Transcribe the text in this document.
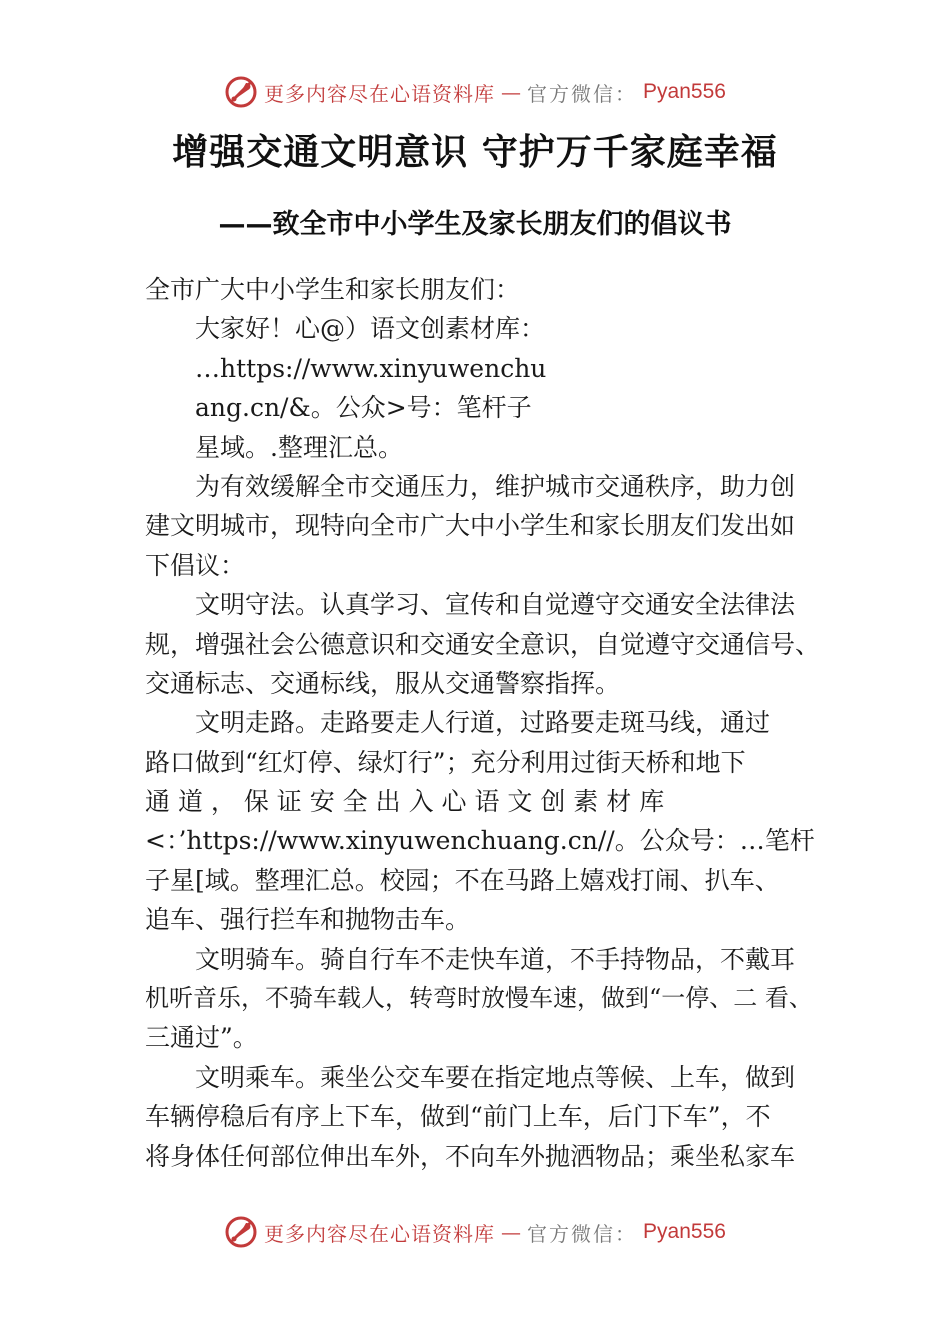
更多内容尽在心语资料库 — 官方微信： Pyan556
增强交通文明意识 守护万千家庭幸福
——致全市中小学生及家长朋友们的倡议书
全市广大中小学生和家长朋友们：
大家好！心@）语文创素材库：
…https://www.xinyuwenchu
ang.cn/&。公众>号：笔杆子
星域。.整理汇总。
为有效缓解全市交通压力，维护城市交通秩序，助力创
建文明城市，现特向全市广大中小学生和家长朋友们发出如
下倡议：
文明守法。认真学习、宣传和自觉遵守交通安全法律法
规，增强社会公德意识和交通安全意识，自觉遵守交通信号、
交通标志、交通标线，服从交通警察指挥。
文明走路。走路要走人行道，过路要走斑马线，通过
路口做到“红灯停、绿灯行”；充分利用过街天桥和地下
通 道 ， 保 证 安 全 出 入 心 语 文 创 素 材 库
<：’https://www.xinyuwenchuang.cn//。公众号：…笔杆
子星[域。整理汇总。校园；不在马路上嬉戏打闹、扒车、
追车、强行拦车和抛物击车。
文明骑车。骑自行车不走快车道，不手持物品，不戴耳
机听音乐，不骑车载人，转弯时放慢车速，做到“一停、二 看、
三通过”。
文明乘车。乘坐公交车要在指定地点等候、上车，做到
车辆停稳后有序上下车，做到“前门上车，后门下车”，不
将身体任何部位伸出车外，不向车外抛洒物品；乘坐私家车
更多内容尽在心语资料库 — 官方微信： Pyan556
